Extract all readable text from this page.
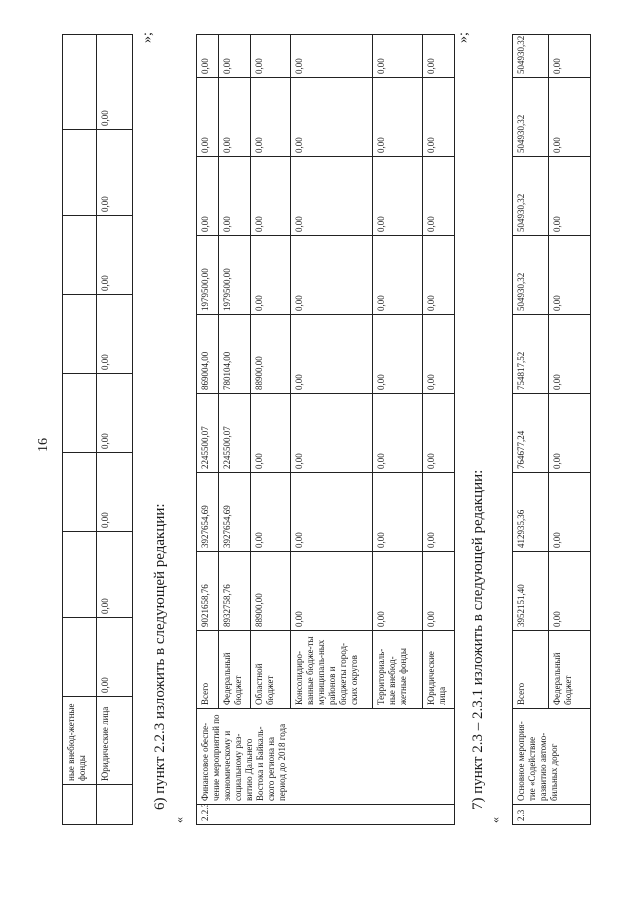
16
	ные внебюд-жетные фонды								
	Юридические лица	0,00	0,00	0,00	0,00	0,00	0,00	0,00	0,00
»;
6) пункт 2.2.3 изложить в следующей редакции:
« 2.2.3.	Финансовое обеспе-чение мероприятий по экономическому и социальному раз-витию Дальнего Востока и Байкаль-ского региона на период до 2018 года	Всего	9021658,76	3927654,69	2245500,07	869004,00	1979500,00	0,00	0,00	0,00
		Федеральный бюджет	8932758,76	3927654,69	2245500,07	780104,00	1979500,00	0,00	0,00	0,00
		Областной бюджет	88900,00	0,00	0,00	88900,00	0,00	0,00	0,00	0,00
		Консолидиро-ванные бюдже-ты муниципаль-ных районов и бюджеты город-ских округов	0,00	0,00	0,00	0,00	0,00	0,00	0,00	0,00
		Территориаль-ные внебюд-жетные фонды	0,00	0,00	0,00	0,00	0,00	0,00	0,00	0,00
		Юридические лица	0,00	0,00	0,00	0,00	0,00	0,00	0,00	0,00
»;
7) пункт 2.3 – 2.3.1 изложить в следующей редакции:
« 2.3	Основное мероприя-тие «Содействие развитию автомо-бильных дорог	Всего	3952151,40	412935,36	764677,24	754817,52	504930,32	504930,32	504930,32	504930,32
		Федеральный бюджет	0,00	0,00	0,00	0,00	0,00	0,00	0,00	0,00
